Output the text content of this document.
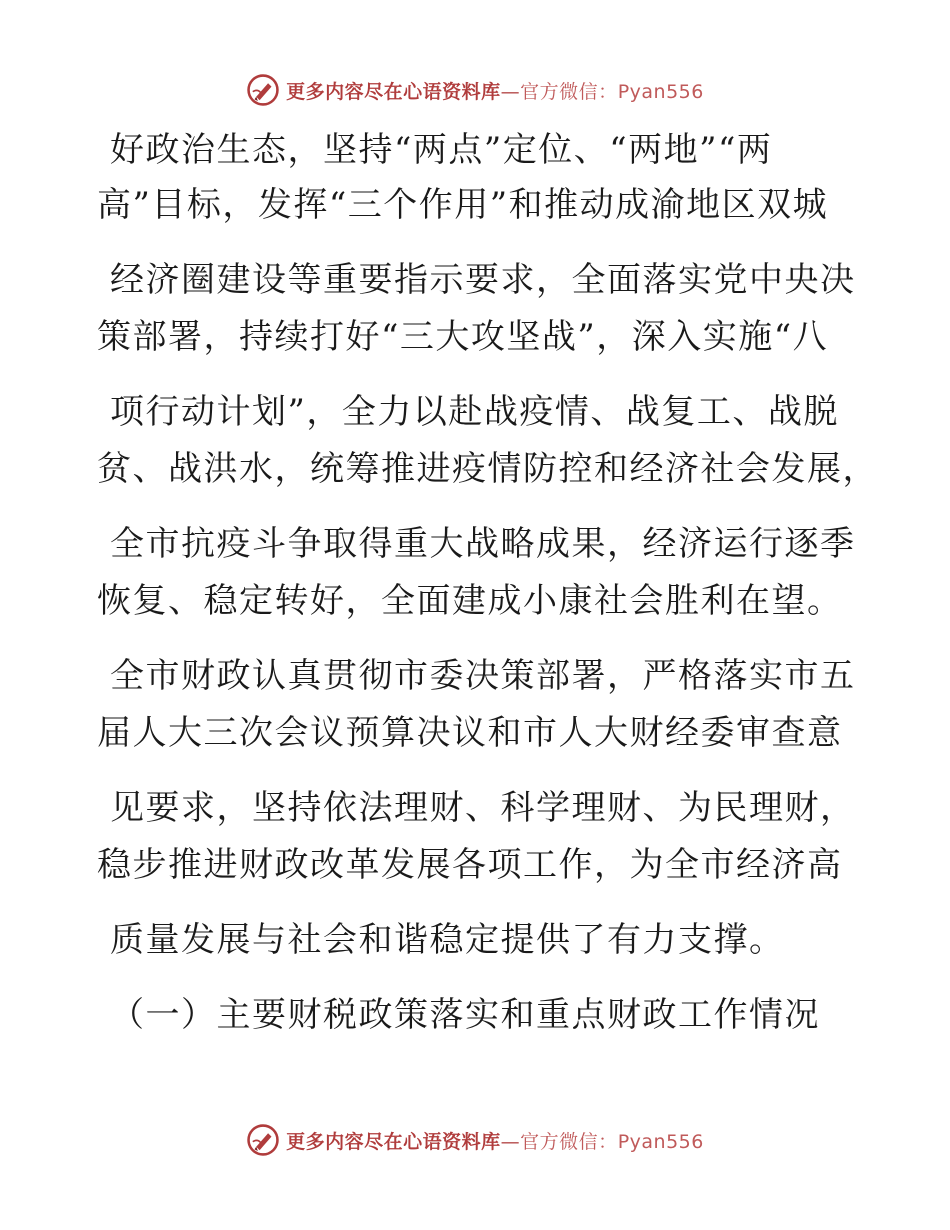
更多内容尽在心语资料库—官方微信：Pyan556
好政治生态，坚持“两点”定位、“两地”“两
高”目标，发挥“三个作用”和推动成渝地区双城
经济圈建设等重要指示要求，全面落实党中央决
策部署，持续打好“三大攻坚战”，深入实施“八
项行动计划”，全力以赴战疫情、战复工、战脱
贫、战洪水，统筹推进疫情防控和经济社会发展，
全市抗疫斗争取得重大战略成果，经济运行逐季
恢复、稳定转好，全面建成小康社会胜利在望。
全市财政认真贯彻市委决策部署，严格落实市五
届人大三次会议预算决议和市人大财经委审查意
见要求，坚持依法理财、科学理财、为民理财，
稳步推进财政改革发展各项工作，为全市经济高
质量发展与社会和谐稳定提供了有力支撑。
（一）主要财税政策落实和重点财政工作情况
更多内容尽在心语资料库—官方微信：Pyan556
